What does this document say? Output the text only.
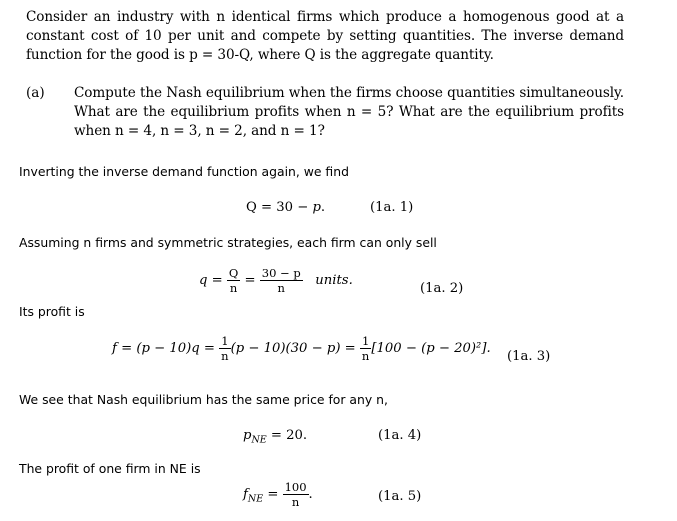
Consider an industry with n identical firms which produce a homogenous good at a constant cost of 10 per unit and compete by setting quantities. The inverse demand function for the good is p = 30-Q, where Q is the aggregate quantity.

(a) Compute the Nash equilibrium when the firms choose quantities simultaneously. What are the equilibrium profits when n = 5? What are the equilibrium profits when n = 4, n = 3, n = 2, and n = 1?

Inverting the inverse demand function again, we find

Q = 30 − p.	(1a. 1)

Assuming n firms and symmetric strategies, each firm can only sell

$q = \frac{Q}{n} = \frac{30 - p}{n}$ units.
(1a. 2)

Its profit is

$f = (p - 10)q = \frac{1}{n} (p - 10)(30 - p) = \frac{1}{n} [100 - (p - 20)^2]$.
(1a. 3)

We see that Nash equilibrium has the same price for any n,

$p_{NE} = 20$.	(1a. 4)

The profit of one firm in NE is

$f_{NE} = \frac{100}{n}$ .	(1a. 5)
